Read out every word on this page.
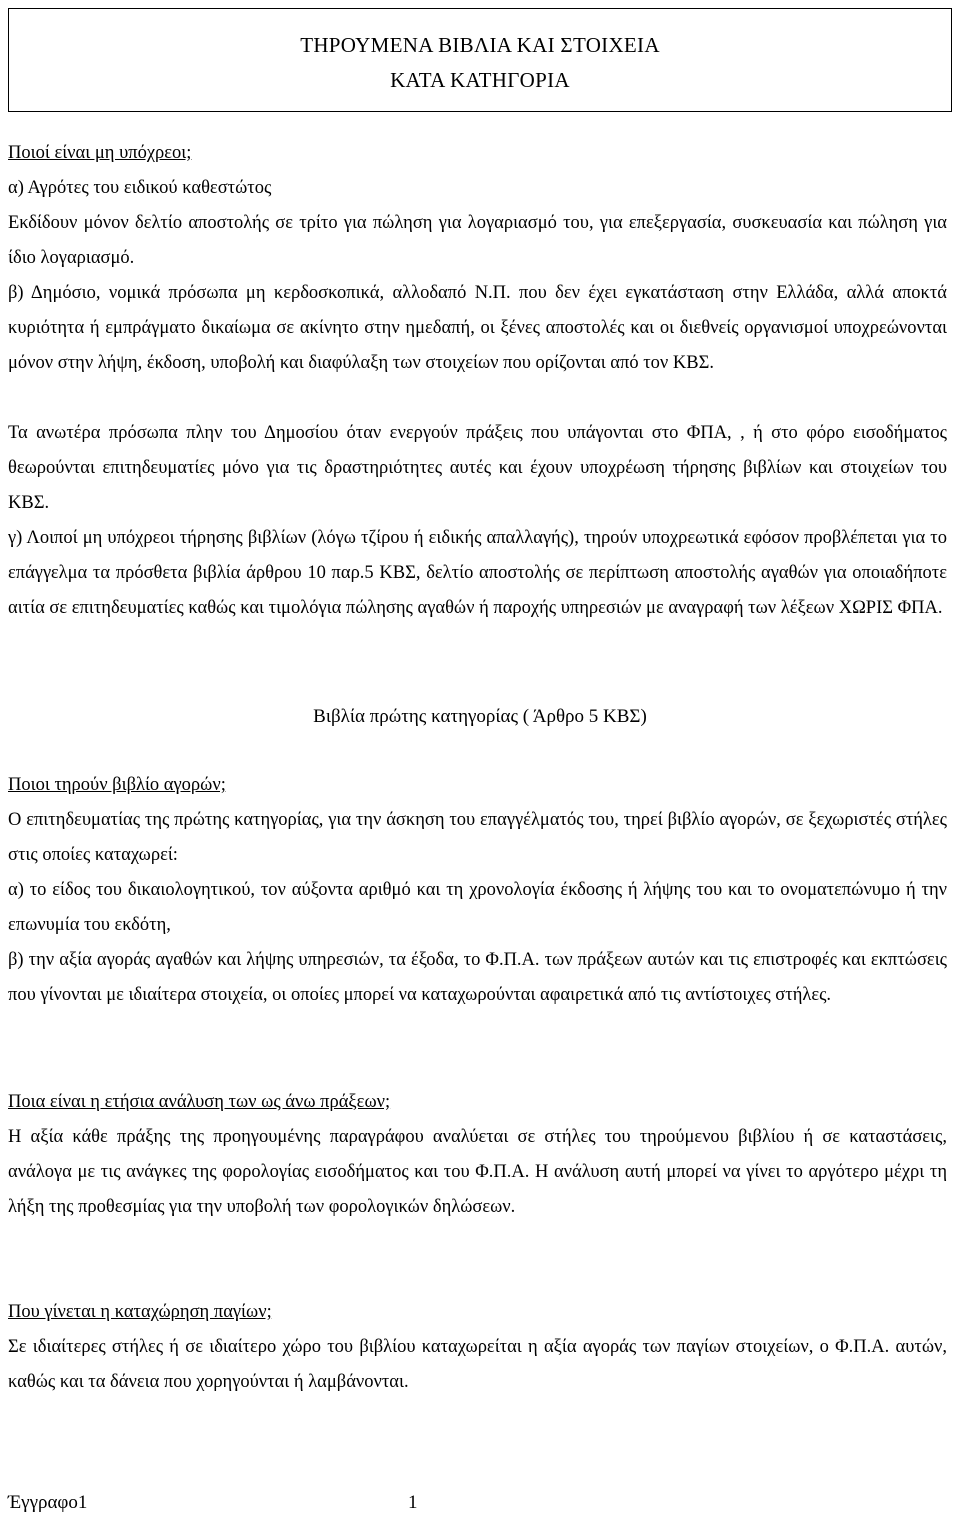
ΤΗΡΟΥΜΕΝΑ ΒΙΒΛΙΑ ΚΑΙ ΣΤΟΙΧΕΙΑ
ΚΑΤΑ ΚΑΤΗΓΟΡΙΑ

Ποιοί είναι μη υπόχρεοι;

α) Αγρότες του ειδικού καθεστώτος

Εκδίδουν μόνον δελτίο αποστολής σε τρίτο για πώληση για λογαριασμό του, για επεξεργασία, συσκευασία και πώληση για ίδιο λογαριασμό.

β) Δημόσιο, νομικά πρόσωπα μη κερδοσκοπικά, αλλοδαπό Ν.Π. που δεν έχει εγκατάσταση στην Ελλάδα, αλλά αποκτά κυριότητα ή εμπράγματο δικαίωμα σε ακίνητο στην ημεδαπή, οι ξένες αποστολές και οι διεθνείς οργανισμοί υποχρεώνονται μόνον στην λήψη, έκδοση, υποβολή και διαφύλαξη των στοιχείων που ορίζονται από τον ΚΒΣ.

Τα ανωτέρα πρόσωπα πλην του Δημοσίου όταν ενεργούν πράξεις που υπάγονται στο ΦΠΑ, , ή στο φόρο εισοδήματος θεωρούνται επιτηδευματίες μόνο για τις δραστηριότητες αυτές και έχουν υποχρέωση τήρησης βιβλίων και στοιχείων του ΚΒΣ.

γ) Λοιποί μη υπόχρεοι τήρησης βιβλίων (λόγω τζίρου ή ειδικής απαλλαγής), τηρούν υποχρεωτικά εφόσον προβλέπεται για το επάγγελμα τα πρόσθετα βιβλία άρθρου 10 παρ.5 ΚΒΣ, δελτίο αποστολής σε περίπτωση αποστολής αγαθών για οποιαδήποτε αιτία σε επιτηδευματίες καθώς και τιμολόγια πώλησης αγαθών ή παροχής υπηρεσιών με αναγραφή των λέξεων ΧΩΡΙΣ ΦΠΑ.

Βιβλία πρώτης κατηγορίας ( Άρθρο 5 ΚΒΣ)

Ποιοι τηρούν βιβλίο αγορών;

Ο επιτηδευματίας της πρώτης κατηγορίας, για την άσκηση του επαγγέλματός του, τηρεί βιβλίο αγορών, σε ξεχωριστές στήλες στις οποίες καταχωρεί:

α) το είδος του δικαιολογητικού, τον αύξοντα αριθμό και τη χρονολογία έκδοσης ή λήψης του και το ονοματεπώνυμο ή την επωνυμία του εκδότη,

β) την αξία αγοράς αγαθών και λήψης υπηρεσιών, τα έξοδα, το Φ.Π.Α. των πράξεων αυτών και τις επιστροφές και εκπτώσεις που γίνονται με ιδιαίτερα στοιχεία, οι οποίες μπορεί να καταχωρούνται αφαιρετικά από τις αντίστοιχες στήλες.

Ποια είναι η ετήσια ανάλυση των ως άνω πράξεων;

Η αξία κάθε πράξης της προηγουμένης παραγράφου αναλύεται σε στήλες του τηρούμενου βιβλίου ή σε καταστάσεις, ανάλογα με τις ανάγκες της φορολογίας εισοδήματος και του Φ.Π.Α. Η ανάλυση αυτή μπορεί να γίνει το αργότερο μέχρι τη λήξη της προθεσμίας για την υποβολή των φορολογικών δηλώσεων.

Που γίνεται η καταχώρηση παγίων;

Σε ιδιαίτερες στήλες ή σε ιδιαίτερο χώρο του βιβλίου καταχωρείται η αξία αγοράς των παγίων στοιχείων, ο Φ.Π.Α. αυτών, καθώς και τα δάνεια που χορηγούνται ή λαμβάνονται.

Έγγραφο1	1
